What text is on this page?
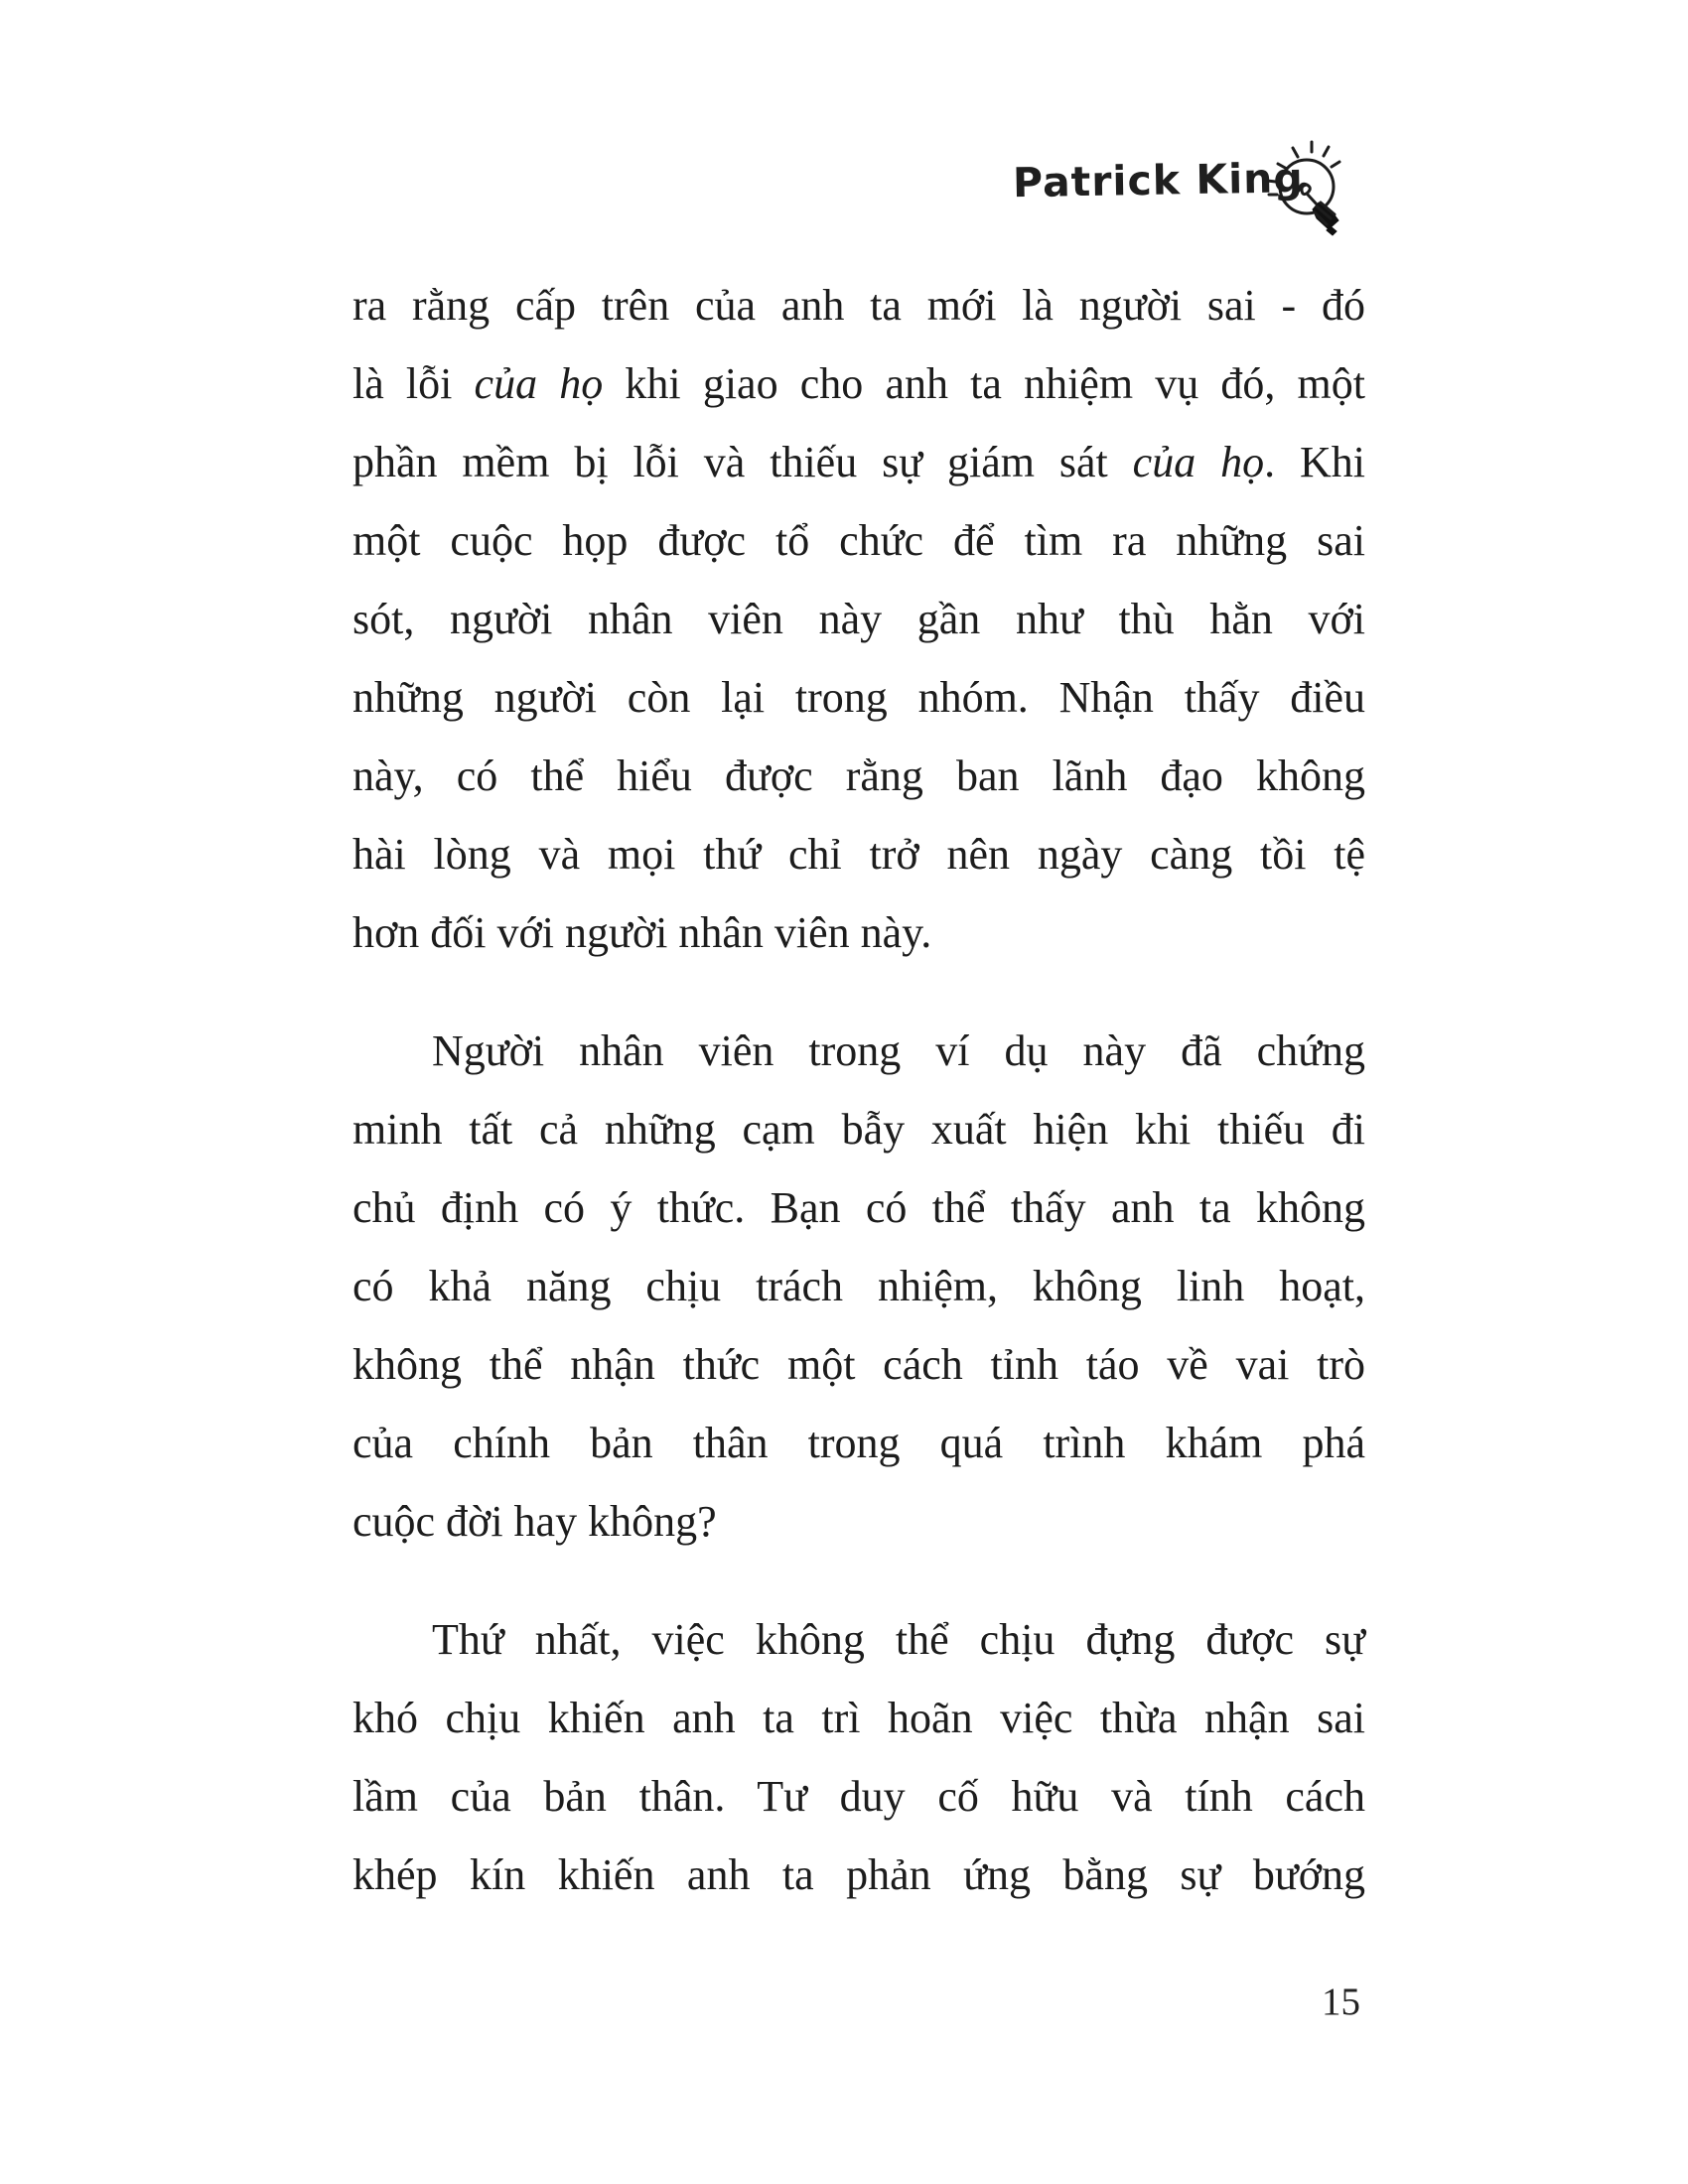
Patrick King
ra rằng cấp trên của anh ta mới là người sai - đó
là lỗi của họ khi giao cho anh ta nhiệm vụ đó, một
phần mềm bị lỗi và thiếu sự giám sát của họ. Khi
một cuộc họp được tổ chức để tìm ra những sai
sót, người nhân viên này gần như thù hằn với
những người còn lại trong nhóm. Nhận thấy điều
này, có thể hiểu được rằng ban lãnh đạo không
hài lòng và mọi thứ chỉ trở nên ngày càng tồi tệ
hơn đối với người nhân viên này.
Người nhân viên trong ví dụ này đã chứng
minh tất cả những cạm bẫy xuất hiện khi thiếu đi
chủ định có ý thức. Bạn có thể thấy anh ta không
có khả năng chịu trách nhiệm, không linh hoạt,
không thể nhận thức một cách tỉnh táo về vai trò
của chính bản thân trong quá trình khám phá
cuộc đời hay không?
Thứ nhất, việc không thể chịu đựng được sự
khó chịu khiến anh ta trì hoãn việc thừa nhận sai
lầm của bản thân. Tư duy cố hữu và tính cách
khép kín khiến anh ta phản ứng bằng sự bướng
15
